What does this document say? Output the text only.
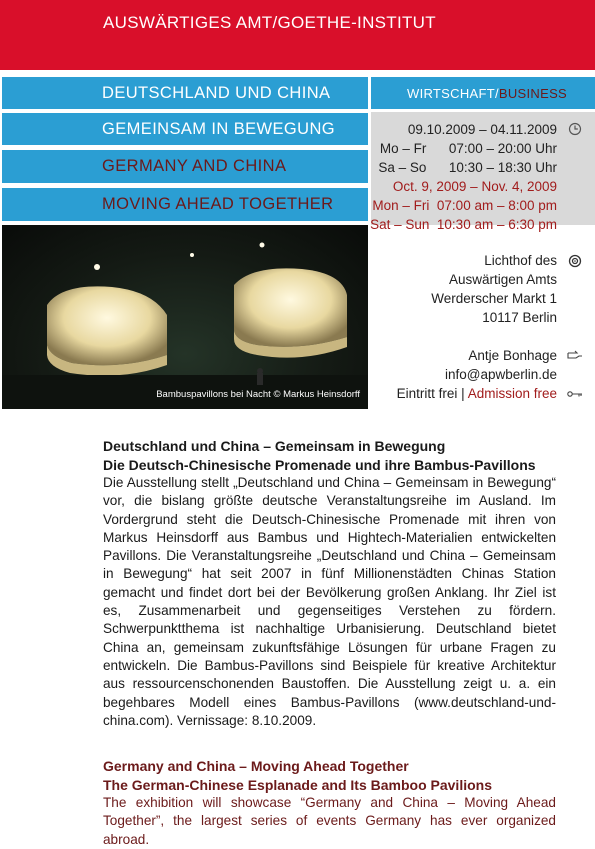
AUSWÄRTIGES AMT/GOETHE-INSTITUT
DEUTSCHLAND UND CHINA
GEMEINSAM IN BEWEGUNG
GERMANY AND CHINA
MOVING AHEAD TOGETHER
WIRTSCHAFT/ BUSINESS
09.10.2009 – 04.11.2009
Mo – Fr      07:00 – 20:00 Uhr
Sa – So      10:30 – 18:30 Uhr
Oct. 9, 2009 – Nov. 4, 2009
Mon – Fri  07:00 am – 8:00 pm
Sat – Sun  10:30 am – 6:30 pm
Lichthof des
Auswärtigen Amts
Werderscher Markt 1
10117 Berlin
Antje Bonhage
info@apwberlin.de
Eintritt frei | Admission free
Bambuspavillons bei Nacht © Markus Heinsdorff
Deutschland und China – Gemeinsam in Bewegung
Die Deutsch-Chinesische Promenade und ihre Bambus-Pavillons
Die Ausstellung stellt „Deutschland und China – Gemeinsam in Bewegung“ vor, die bislang größte deutsche Veranstaltungsreihe im Ausland. Im Vordergrund steht die Deutsch-Chinesische Promenade mit ihren von Markus Heinsdorff aus Bambus und Hightech-Materialien entwickelten Pavillons. Die Veranstaltungsreihe „Deutschland und China – Gemeinsam in Bewegung“ hat seit 2007 in fünf Millionenstädten Chinas Station gemacht und findet dort bei der Bevölkerung großen Anklang. Ihr Ziel ist es, Zusammenarbeit und gegenseitiges Verstehen zu fördern. Schwerpunktthema ist nachhaltige Urbanisierung. Deutschland bietet China an, gemeinsam zukunftsfähige Lösungen für urbane Fragen zu entwickeln. Die Bambus-Pavillons sind Beispiele für kreative Architektur aus ressourcenschonenden Baustoffen. Die Ausstellung zeigt u. a. ein begehbares Modell eines Bambus-Pavillons (www.deutschland-und-china.com). Vernissage: 8.10.2009.
Germany and China – Moving Ahead Together
The German-Chinese Esplanade and Its Bamboo Pavilions
The exhibition will showcase “Germany and China – Moving Ahead Together”, the largest series of events Germany has ever organized abroad.
